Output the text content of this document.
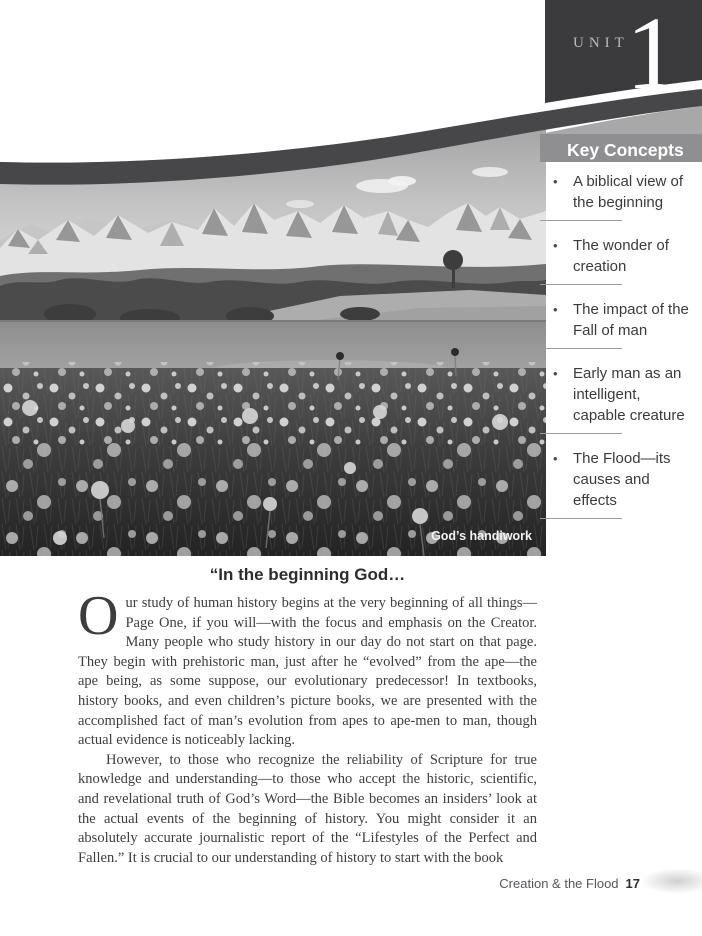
God’s handiwork
UNIT
1
Key Concepts
• A biblical view of the beginning
• The wonder of creation
• The impact of the Fall of man
• Early man as an intelligent, capable creature
• The Flood—its causes and effects
“In the beginning God…

Our study of human history begins at the very beginning of all things—Page One, if you will—with the focus and emphasis on the Creator. Many people who study history in our day do not start on that page. They begin with prehistoric man, just after he “evolved” from the ape—the ape being, as some suppose, our evolutionary predecessor! In textbooks, history books, and even children’s picture books, we are presented with the accomplished fact of man’s evolution from apes to ape-men to man, though actual evidence is noticeably lacking.

However, to those who recognize the reliability of Scripture for true knowledge and understanding—to those who accept the historic, scientific, and revelational truth of God’s Word—the Bible becomes an insiders’ look at the actual events of the beginning of history. You might consider it an absolutely accurate journalistic report of the “Lifestyles of the Perfect and Fallen.” It is crucial to our understanding of history to start with the book

Creation & the Flood 17
